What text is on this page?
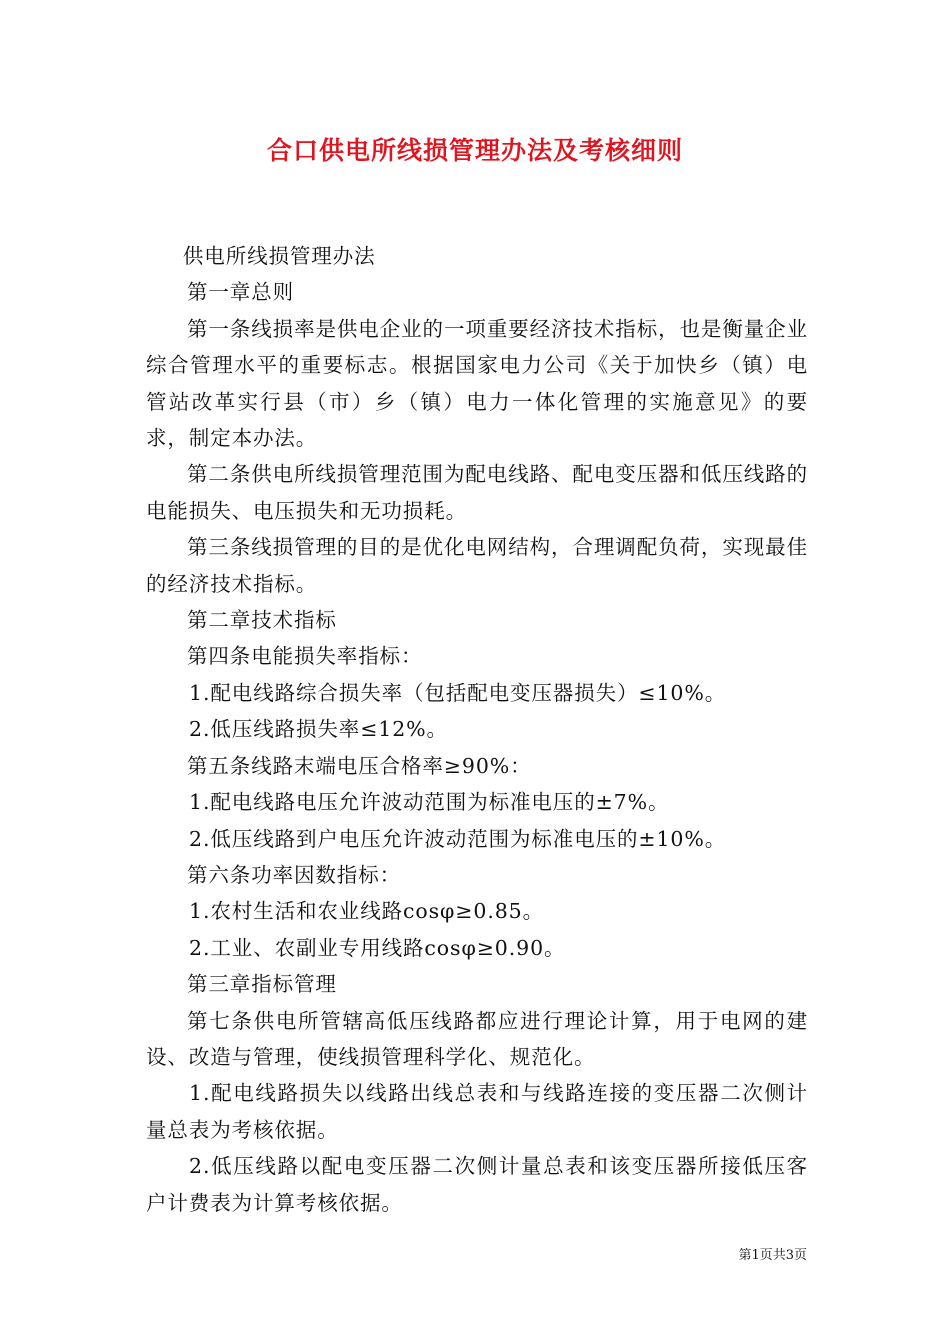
合口供电所线损管理办法及考核细则

供电所线损管理办法

第一章总则

第一条线损率是供电企业的一项重要经济技术指标，也是衡量企业综合管理水平的重要标志。根据国家电力公司《关于加快乡（镇）电管站改革实行县（市）乡（镇）电力一体化管理的实施意见》的要求，制定本办法。

第二条供电所线损管理范围为配电线路、配电变压器和低压线路的电能损失、电压损失和无功损耗。

第三条线损管理的目的是优化电网结构，合理调配负荷，实现最佳的经济技术指标。

第二章技术指标

第四条电能损失率指标：

1.配电线路综合损失率（包括配电变压器损失）≤10%。

2.低压线路损失率≤12%。

第五条线路末端电压合格率≥90%：

1.配电线路电压允许波动范围为标准电压的±7%。

2.低压线路到户电压允许波动范围为标准电压的±10%。

第六条功率因数指标：

1.农村生活和农业线路cosφ≥0.85。

2.工业、农副业专用线路cosφ≥0.90。

第三章指标管理

第七条供电所管辖高低压线路都应进行理论计算，用于电网的建设、改造与管理，使线损管理科学化、规范化。

1.配电线路损失以线路出线总表和与线路连接的变压器二次侧计量总表为考核依据。

2.低压线路以配电变压器二次侧计量总表和该变压器所接低压客户计费表为计算考核依据。

第1页共3页
